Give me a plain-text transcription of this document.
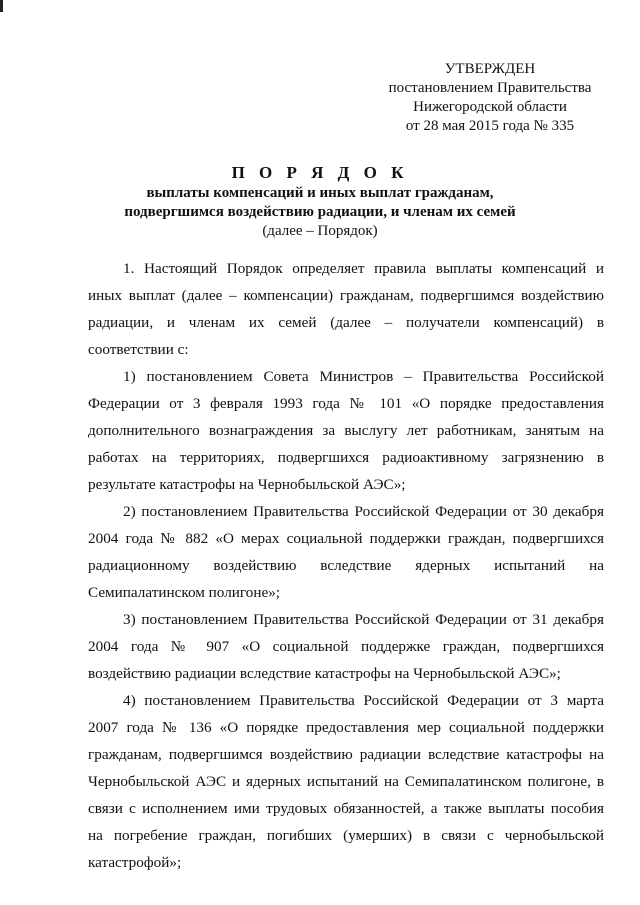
УТВЕРЖДЕН
постановлением Правительства
Нижегородской области
от 28 мая 2015 года № 335
П О Р Я Д О К
выплаты компенсаций и иных выплат гражданам,
подвергшимся воздействию радиации, и членам их семей
(далее – Порядок)

1. Настоящий Порядок определяет правила выплаты компенсаций и
иных выплат (далее – компенсации) гражданам, подвергшимся воздействию
радиации, и членам их семей (далее – получатели компенсаций) в
соответствии с:

1) постановлением Совета Министров – Правительства Российской
Федерации от 3 февраля 1993 года № 101 «О порядке предоставления
дополнительного вознаграждения за выслугу лет работникам, занятым на
работах на территориях, подвергшихся радиоактивному загрязнению в
результате катастрофы на Чернобыльской АЭС»;

2) постановлением Правительства Российской Федерации от 30 декабря
2004 года № 882 «О мерах социальной поддержки граждан, подвергшихся
радиационному воздействию вследствие ядерных испытаний на
Семипалатинском полигоне»;

3) постановлением Правительства Российской Федерации от 31 декабря
2004 года № 907 «О социальной поддержке граждан, подвергшихся
воздействию радиации вследствие катастрофы на Чернобыльской АЭС»;

4) постановлением Правительства Российской Федерации от 3 марта
2007 года № 136 «О порядке предоставления мер социальной поддержки
гражданам, подвергшимся воздействию радиации вследствие катастрофы на
Чернобыльской АЭС и ядерных испытаний на Семипалатинском полигоне, в
связи с исполнением ими трудовых обязанностей, а также выплаты пособия
на погребение граждан, погибших (умерших) в связи с чернобыльской
катастрофой»;
